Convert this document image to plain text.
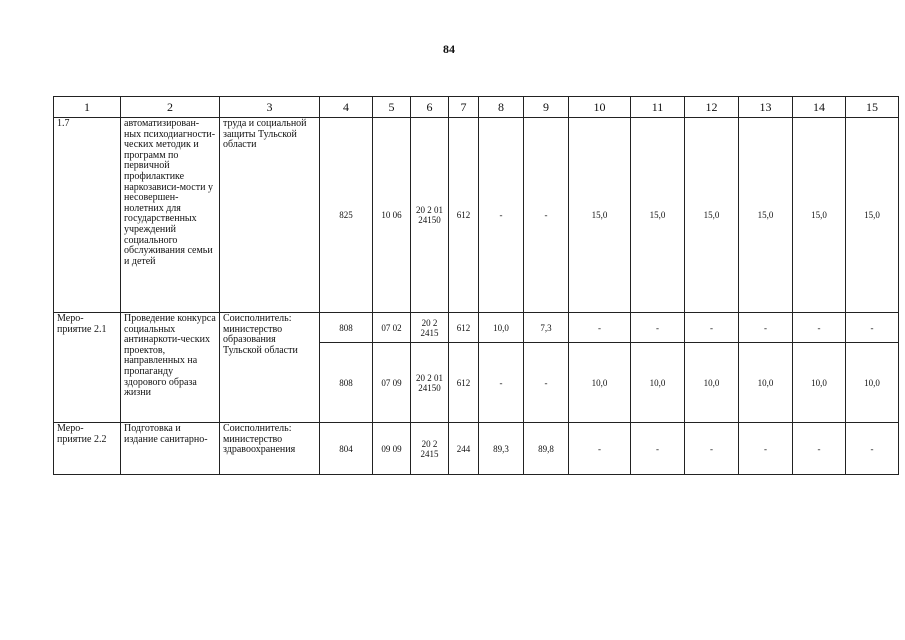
84
1	2	3	4	5	6	7	8	9	10	11	12	13	14	15
1.7	автоматизирован-ных психодиагности-ческих методик и программ по первичной профилактике наркозависи-мости у несовершен-нолетних для государственных учреждений социального обслуживания семьи и детей	труда и социальной защиты Тульской области	825	10 06	20 2 01 24150	612	-	-	15,0	15,0	15,0	15,0	15,0	15,0
Меро-приятие 2.1	Проведение конкурса социальных антинаркоти-ческих проектов, направленных на пропаганду здорового образа жизни	Соисполнитель: министерство образования Тульской области	808	07 02	20 2 2415	612	10,0	7,3	-	-	-	-	-	-
			808	07 09	20 2 01 24150	612	-	-	10,0	10,0	10,0	10,0	10,0	10,0
Меро-приятие 2.2	Подготовка и издание санитарно-	Соисполнитель: министерство здравоохранения	804	09 09	20 2 2415	244	89,3	89,8	-	-	-	-	-	-
